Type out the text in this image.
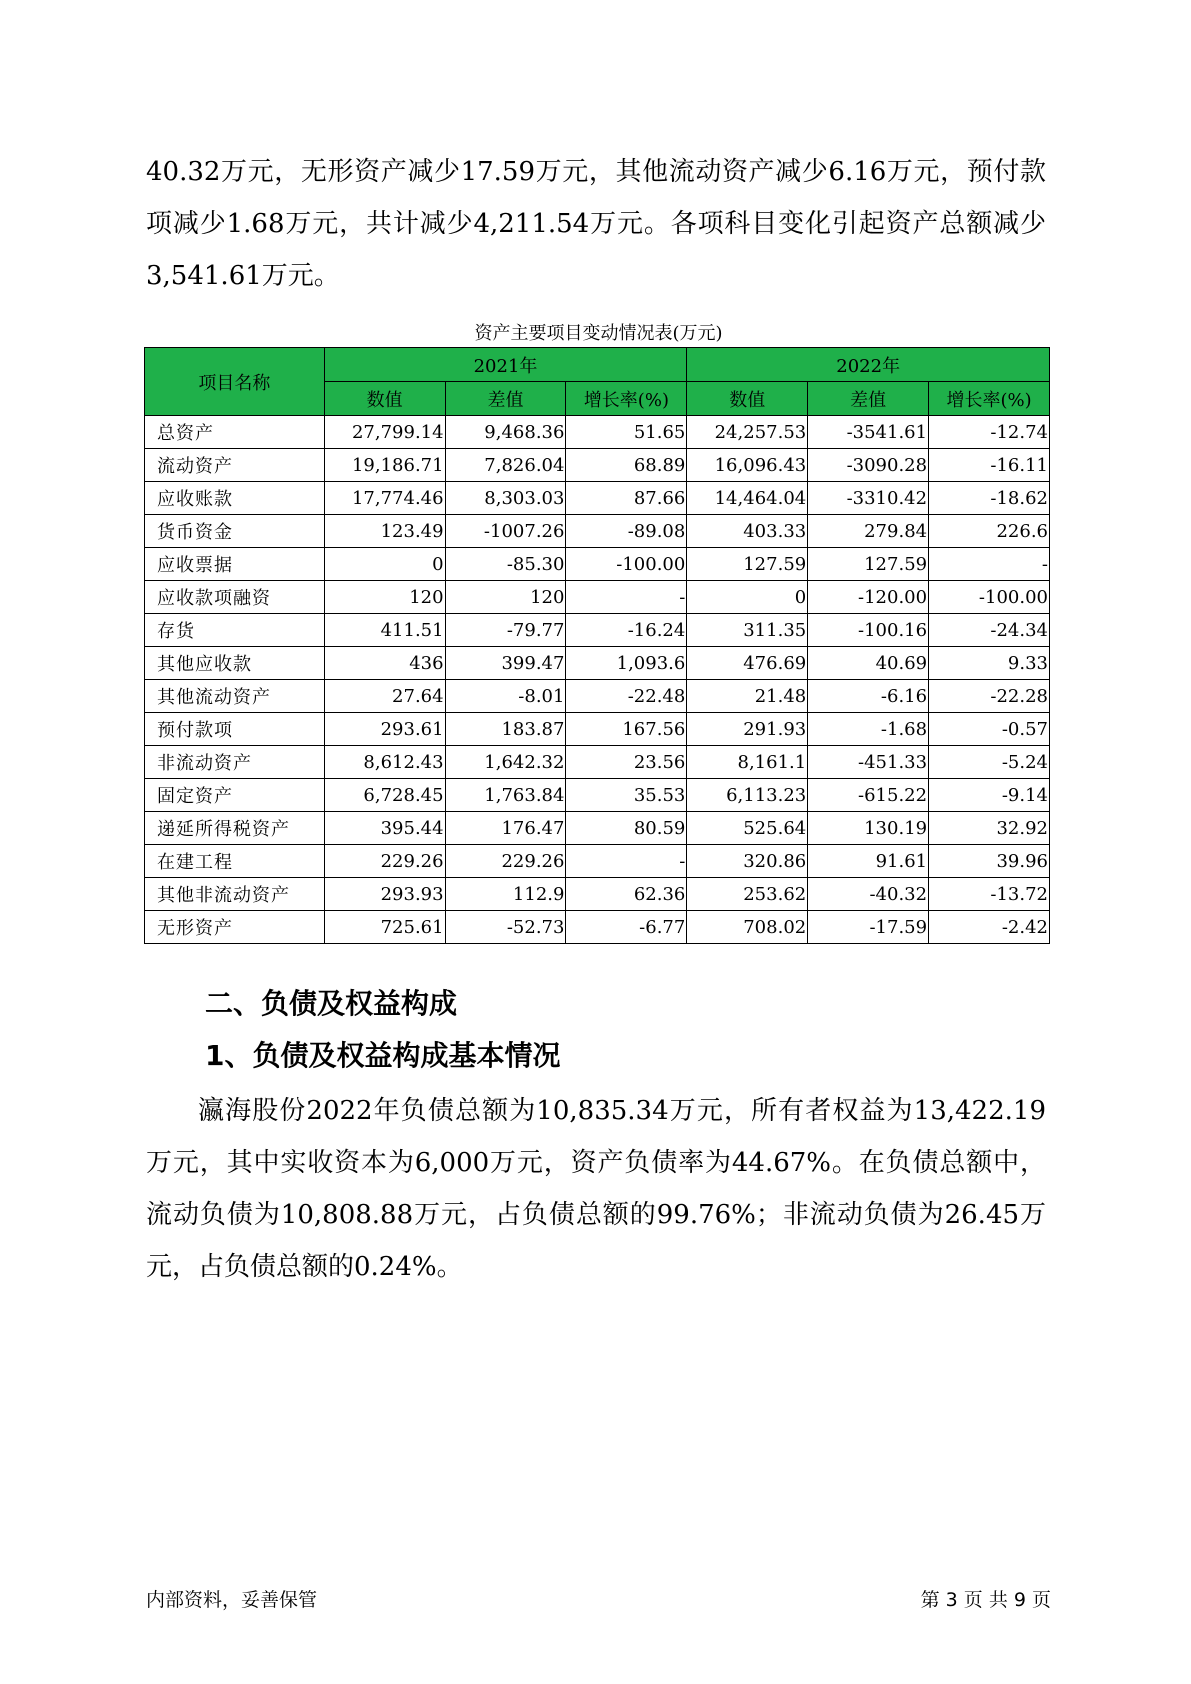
40.32万元，无形资产减少17.59万元，其他流动资产减少6.16万元，预付款项减少1.68万元，共计减少4,211.54万元。各项科目变化引起资产总额减少3,541.61万元。

资产主要项目变动情况表(万元)
项目名称	2021年			2022年		
	数值	差值	增长率(%)	数值	差值	增长率(%)
总资产	27,799.14	9,468.36	51.65	24,257.53	-3541.61	-12.74
流动资产	19,186.71	7,826.04	68.89	16,096.43	-3090.28	-16.11
应收账款	17,774.46	8,303.03	87.66	14,464.04	-3310.42	-18.62
货币资金	123.49	-1007.26	-89.08	403.33	279.84	226.6
应收票据	0	-85.30	-100.00	127.59	127.59	-
应收款项融资	120	120	-	0	-120.00	-100.00
存货	411.51	-79.77	-16.24	311.35	-100.16	-24.34
其他应收款	436	399.47	1,093.6	476.69	40.69	9.33
其他流动资产	27.64	-8.01	-22.48	21.48	-6.16	-22.28
预付款项	293.61	183.87	167.56	291.93	-1.68	-0.57
非流动资产	8,612.43	1,642.32	23.56	8,161.1	-451.33	-5.24
固定资产	6,728.45	1,763.84	35.53	6,113.23	-615.22	-9.14
递延所得税资产	395.44	176.47	80.59	525.64	130.19	32.92
在建工程	229.26	229.26	-	320.86	91.61	39.96
其他非流动资产	293.93	112.9	62.36	253.62	-40.32	-13.72
无形资产	725.61	-52.73	-6.77	708.02	-17.59	-2.42
二、负债及权益构成
1、负债及权益构成基本情况

瀛海股份2022年负债总额为10,835.34万元，所有者权益为13,422.19万元，其中实收资本为6,000万元，资产负债率为44.67%。在负债总额中，流动负债为10,808.88万元，占负债总额的99.76%；非流动负债为26.45万元，占负债总额的0.24%。

内部资料，妥善保管	第 3 页 共 9 页
